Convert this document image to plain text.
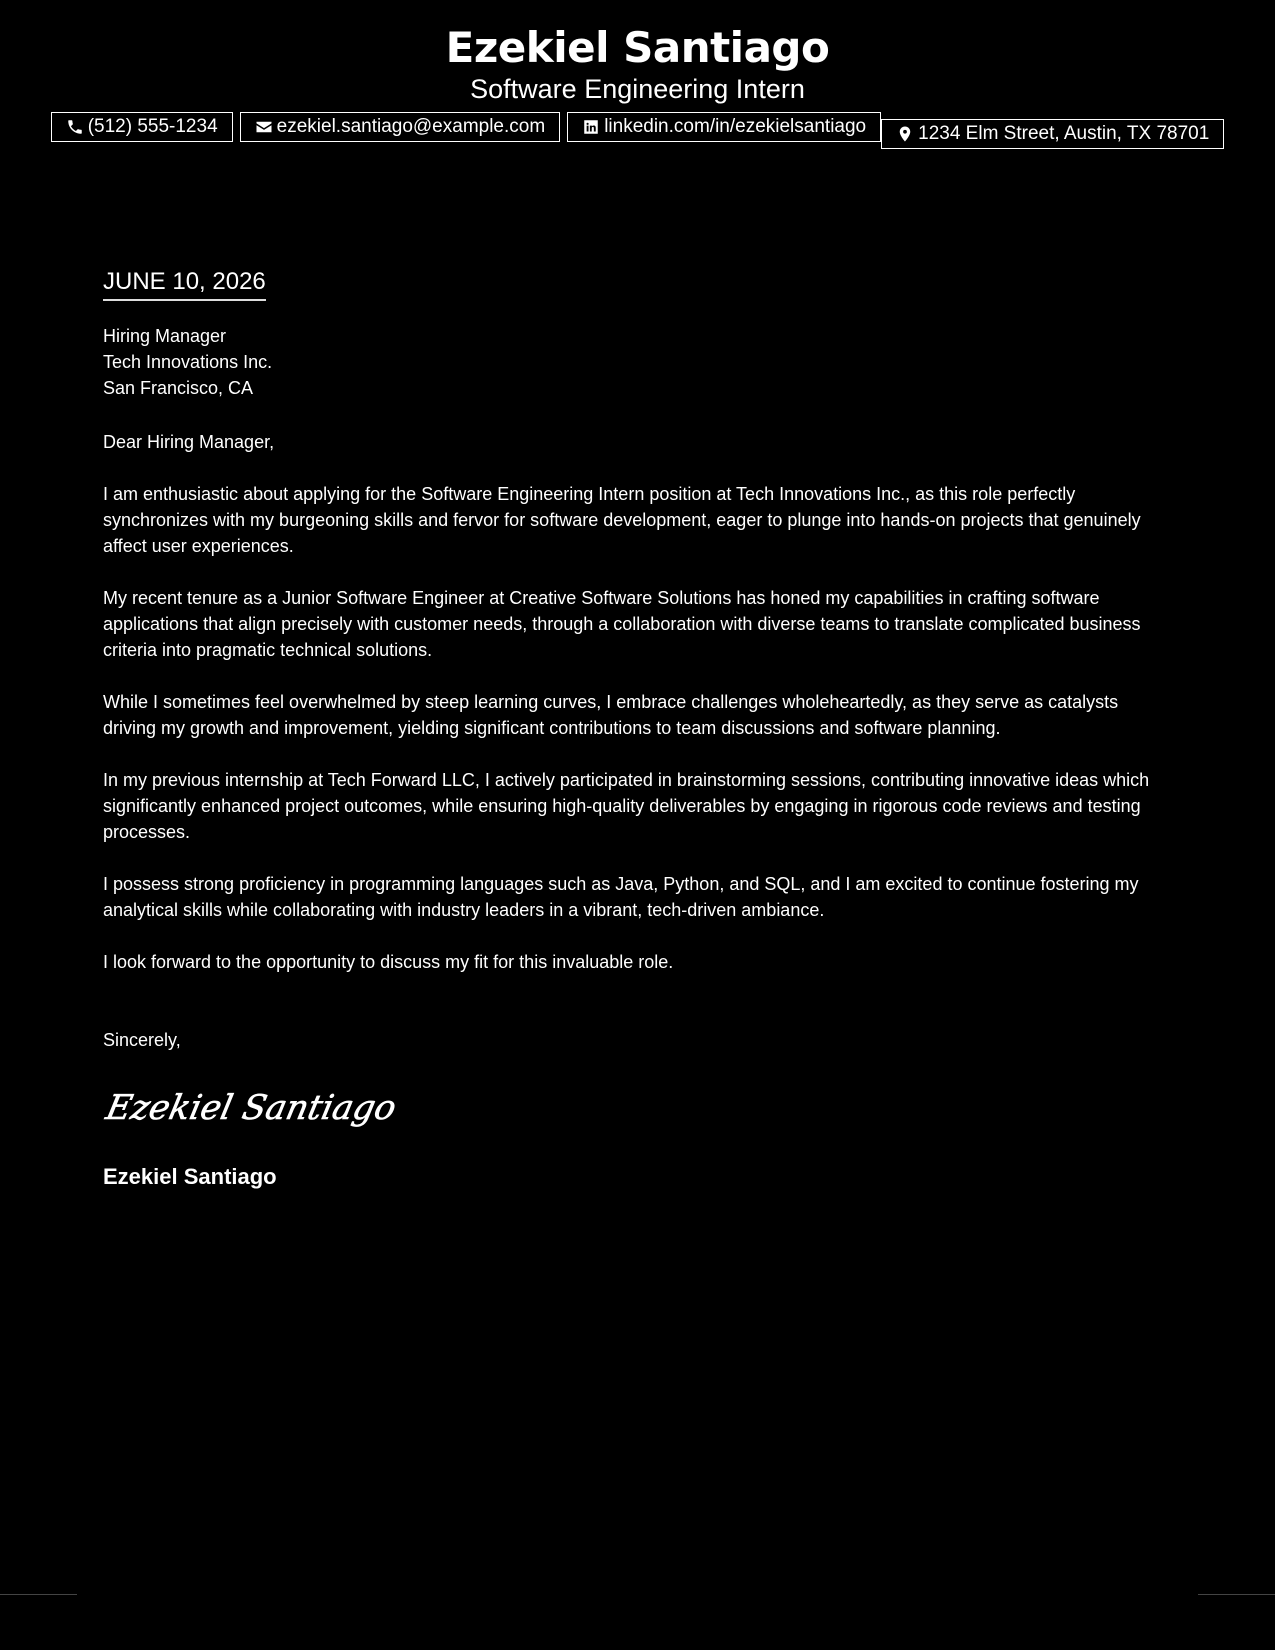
Ezekiel Santiago
Software Engineering Intern
(512) 555-1234	ezekiel.santiago@example.com	linkedin.com/in/ezekielsantiago	1234 Elm Street, Austin, TX 78701
JUNE 10, 2026
Hiring Manager
Tech Innovations Inc.
San Francisco, CA
Dear Hiring Manager,
I am enthusiastic about applying for the Software Engineering Intern position at Tech Innovations Inc., as this role perfectly synchronizes with my burgeoning skills and fervor for software development, eager to plunge into hands-on projects that genuinely affect user experiences.
My recent tenure as a Junior Software Engineer at Creative Software Solutions has honed my capabilities in crafting software applications that align precisely with customer needs, through a collaboration with diverse teams to translate complicated business criteria into pragmatic technical solutions.
While I sometimes feel overwhelmed by steep learning curves, I embrace challenges wholeheartedly, as they serve as catalysts driving my growth and improvement, yielding significant contributions to team discussions and software planning.
In my previous internship at Tech Forward LLC, I actively participated in brainstorming sessions, contributing innovative ideas which significantly enhanced project outcomes, while ensuring high-quality deliverables by engaging in rigorous code reviews and testing processes.
I possess strong proficiency in programming languages such as Java, Python, and SQL, and I am excited to continue fostering my analytical skills while collaborating with industry leaders in a vibrant, tech-driven ambiance.
I look forward to the opportunity to discuss my fit for this invaluable role.
Sincerely,
Ezekiel Santiago
Ezekiel Santiago
